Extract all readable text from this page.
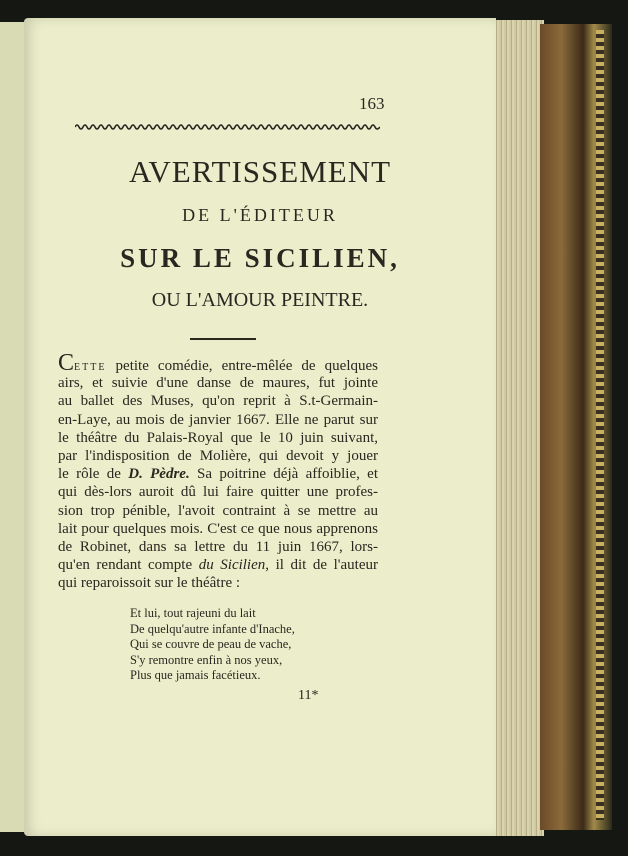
163
AVERTISSEMENT
DE L'ÉDITEUR
SUR LE SICILIEN,
OU L'AMOUR PEINTRE.
CETTE petite comédie, entre-mêlée de quelques
airs, et suivie d'une danse de maures, fut jointe
au ballet des Muses, qu'on reprit à S.t-Germain-
en-Laye, au mois de janvier 1667. Elle ne parut sur
le théâtre du Palais-Royal que le 10 juin suivant,
par l'indisposition de Molière, qui devoit y jouer
le rôle de D. Pèdre. Sa poitrine déjà affoiblie, et
qui dès-lors auroit dû lui faire quitter une profes-
sion trop pénible, l'avoit contraint à se mettre au
lait pour quelques mois. C'est ce que nous apprenons
de Robinet, dans sa lettre du 11 juin 1667, lors-
qu'en rendant compte du Sicilien, il dit de l'auteur
qui reparoissoit sur le théâtre :
Et lui, tout rajeuni du lait
De quelqu'autre infante d'Inache,
Qui se couvre de peau de vache,
S'y remontre enfin à nos yeux,
Plus que jamais facétieux.
11*
